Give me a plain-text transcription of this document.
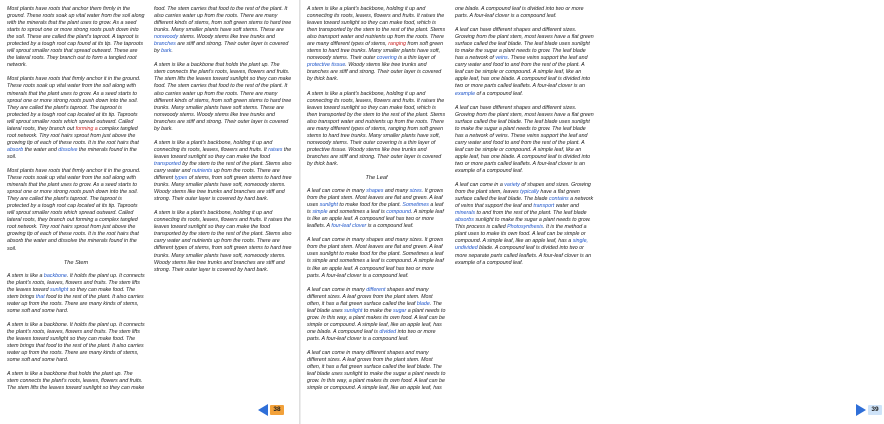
Most plants have roots that anchor them firmly in the ground. These roots soak up vital water from the soil along with the minerals that the plant uses to grow. As a seed starts to sprout one or more strong roots push down into the soil. These are called the plant's taproot. A taproot is protected by a tough root cap found at its tip. The taproots will sprout smaller roots that spread outward. These are the lateral roots. They branch out to form a tangled root network.

Most plants have roots that firmly anchor it in the ground. These roots soak up vital water from the soil along with minerals that the plant uses to grow. As a seed starts to sprout one or more strong roots push down into the soil. They are called the plant's taproot. The taproot is protected by a tough root cap located at its tip. Taproots will sprout smaller roots which spread outward. Called lateral roots, they branch out forming a complex tangled root network. Tiny root hairs sprout from just above the growing tip of each of these roots. It is the root hairs that absorb the water and dissolve the minerals found in the soil.

Most plants have roots that firmly anchor it in the ground. These roots soak up vital water from the soil along with minerals that the plant uses to grow. As a seed starts to sprout one or more strong roots push down into the soil. They are called the plant's taproot. The taproot is protected by a tough root cap located at its tip. Taproots will sprout smaller roots which spread outward. Called lateral roots, they branch out forming a complex tangled root network. Tiny root hairs sprout from just above the growing tip of each of these roots. It is the root hairs that absorb the water and dissolve the minerals found in the soil.

The Stem

A stem is like a backbone. It holds the plant up. It connects the plant's roots, leaves, flowers and fruits. The stem lifts the leaves toward sunlight so they can make food. The stem brings that food to the rest of the plant. It also carries water up from the roots. There are many kinds of stems, some soft and some hard.

A stem is like a backbone. It holds the plant up. It connects the plant's roots, leaves, flowers and fruits. The stem lifts the leaves toward sunlight so they can make food. The stem brings that food to the rest of the plant. It also carries water up from the roots. There are many kinds of stems, some soft and some hard.

A stem is like a backbone that holds the plant up. The stem connects the plant's roots, leaves, flowers and fruits. The stem lifts the leaves toward sunlight so they can make food. The stem carries that food to the rest of the plant. It also carries water up from the roots. There are many different kinds of stems, from soft green stems to hard tree trunks. Many smaller plants have soft stems. These are nonwoody stems. Woody stems like tree trunks and branches are stiff and strong. Their outer layer is covered by bark.

A stem is like a backbone that holds the plant up. The stem connects the plant's roots, leaves, flowers and fruits. The stem lifts the leaves toward sunlight so they can make food. The stem carries that food to the rest of the plant. It also carries water up from the roots. There are many different kinds of stems, from soft green stems to hard tree trunks. Many smaller plants have soft stems. These are nonwoody stems. Woody stems like tree trunks and branches are stiff and strong. Their outer layer is covered by bark.

A stem is like a plant's backbone, holding it up and connecting its roots, leaves, flowers and fruits. It raises the leaves toward sunlight so they can make the food transported by the stem to the rest of the plant. Stems also carry water and nutrients up from the roots. There are different types of stems, from soft green stems to hard tree trunks. Many smaller plants have soft, nonwoody stems. Woody stems like tree trunks and branches are stiff and strong. Their outer layer is covered by hard bark.

A stem is like a plant's backbone, holding it up and connecting its roots, leaves, flowers and fruits. It raises the leaves toward sunlight so they can make the food transported by the stem to the rest of the plant. Stems also carry water and nutrients up from the roots. There are different types of stems, from soft green stems to hard tree trunks. Many smaller plants have soft, nonwoody stems. Woody stems like tree trunks and branches are stiff and strong. Their outer layer is covered by hard bark.

38

A stem is like a plant's backbone, holding it up and connecting its roots, leaves, flowers and fruits. It raises the leaves toward sunlight so they can make food, which is then transported by the stem to the rest of the plant. Stems also transport water and nutrients up from the roots. There are many different types of stems, ranging from soft green stems to hard tree trunks. Many smaller plants have soft, nonwoody stems. Their outer covering is a thin layer of protective tissue. Woody stems like tree trunks and branches are stiff and strong. Their outer layer is covered by thick bark.

A stem is like a plant's backbone, holding it up and connecting its roots, leaves, flowers and fruits. It raises the leaves toward sunlight so they can make food, which is then transported by the stem to the rest of the plant. Stems also transport water and nutrients up from the roots. There are many different types of stems, ranging from soft green stems to hard tree trunks. Many smaller plants have soft, nonwoody stems. Their outer covering is a thin layer of protective tissue. Woody stems like tree trunks and branches are stiff and strong. Their outer layer is covered by thick bark.

The Leaf

A leaf can come in many shapes and many sizes. It grows from the plant stem. Most leaves are flat and green. A leaf uses sunlight to make food for the plant. Sometimes a leaf is simple and sometimes a leaf is compound. A simple leaf is like an apple leaf. A compound leaf has two or more leaflets. A four-leaf clover is a compound leaf.

A leaf can come in many shapes and many sizes. It grows from the plant stem. Most leaves are flat and green. A leaf uses sunlight to make food for the plant. Sometimes a leaf is simple and sometimes a leaf is compound. A simple leaf is like an apple leaf. A compound leaf has two or more parts. A four-leaf clover is a compound leaf.

A leaf can come in many different shapes and many different sizes. A leaf grows from the plant stem. Most often, it has a flat green surface called the leaf blade. The leaf blade uses sunlight to make the sugar a plant needs to grow. In this way, a plant makes its own food. A leaf can be simple or compound. A simple leaf, like an apple leaf, has one blade. A compound leaf is divided into two or more parts. A four-leaf clover is a compound leaf.

A leaf can come in many different shapes and many different sizes. A leaf grows from the plant stem. Most often, it has a flat green surface called the leaf blade. The leaf blade uses sunlight to make the sugar a plant needs to grow. In this way, a plant makes its own food. A leaf can be simple or compound. A simple leaf, like an apple leaf, has one blade. A compound leaf is divided into two or more parts. A four-leaf clover is a compound leaf.

A leaf can have different shapes and different sizes. Growing from the plant stem, most leaves have a flat green surface called the leaf blade. The leaf blade uses sunlight to make the sugar a plant needs to grow. The leaf blade has a network of veins. These veins support the leaf and carry water and food to and from the rest of the plant. A leaf can be simple or compound. A simple leaf, like an apple leaf, has one blade. A compound leaf is divided into two or more parts called leaflets. A four-leaf clover is an example of a compound leaf.

A leaf can have different shapes and different sizes. Growing from the plant stem, most leaves have a flat green surface called the leaf blade. The leaf blade uses sunlight to make the sugar a plant needs to grow. The leaf blade has a network of veins. These veins support the leaf and carry water and food to and from the rest of the plant. A leaf can be simple or compound. A simple leaf, like an apple leaf, has one blade. A compound leaf is divided into two or more parts called leaflets. A four-leaf clover is an example of a compound leaf.

A leaf can come in a variety of shapes and sizes. Growing from the plant stem, leaves typically have a flat green surface called the leaf blade. The blade contains a network of veins that support the leaf and transport water and minerals to and from the rest of the plant. The leaf blade absorbs sunlight to make the sugar a plant needs to grow. This process is called Photosynthesis. It is the method a plant uses to make its own food. A leaf can be simple or compound. A simple leaf, like an apple leaf, has a single, undivided blade. A compound leaf is divided into two or more separate parts called leaflets. A four-leaf clover is an example of a compound leaf.

39
